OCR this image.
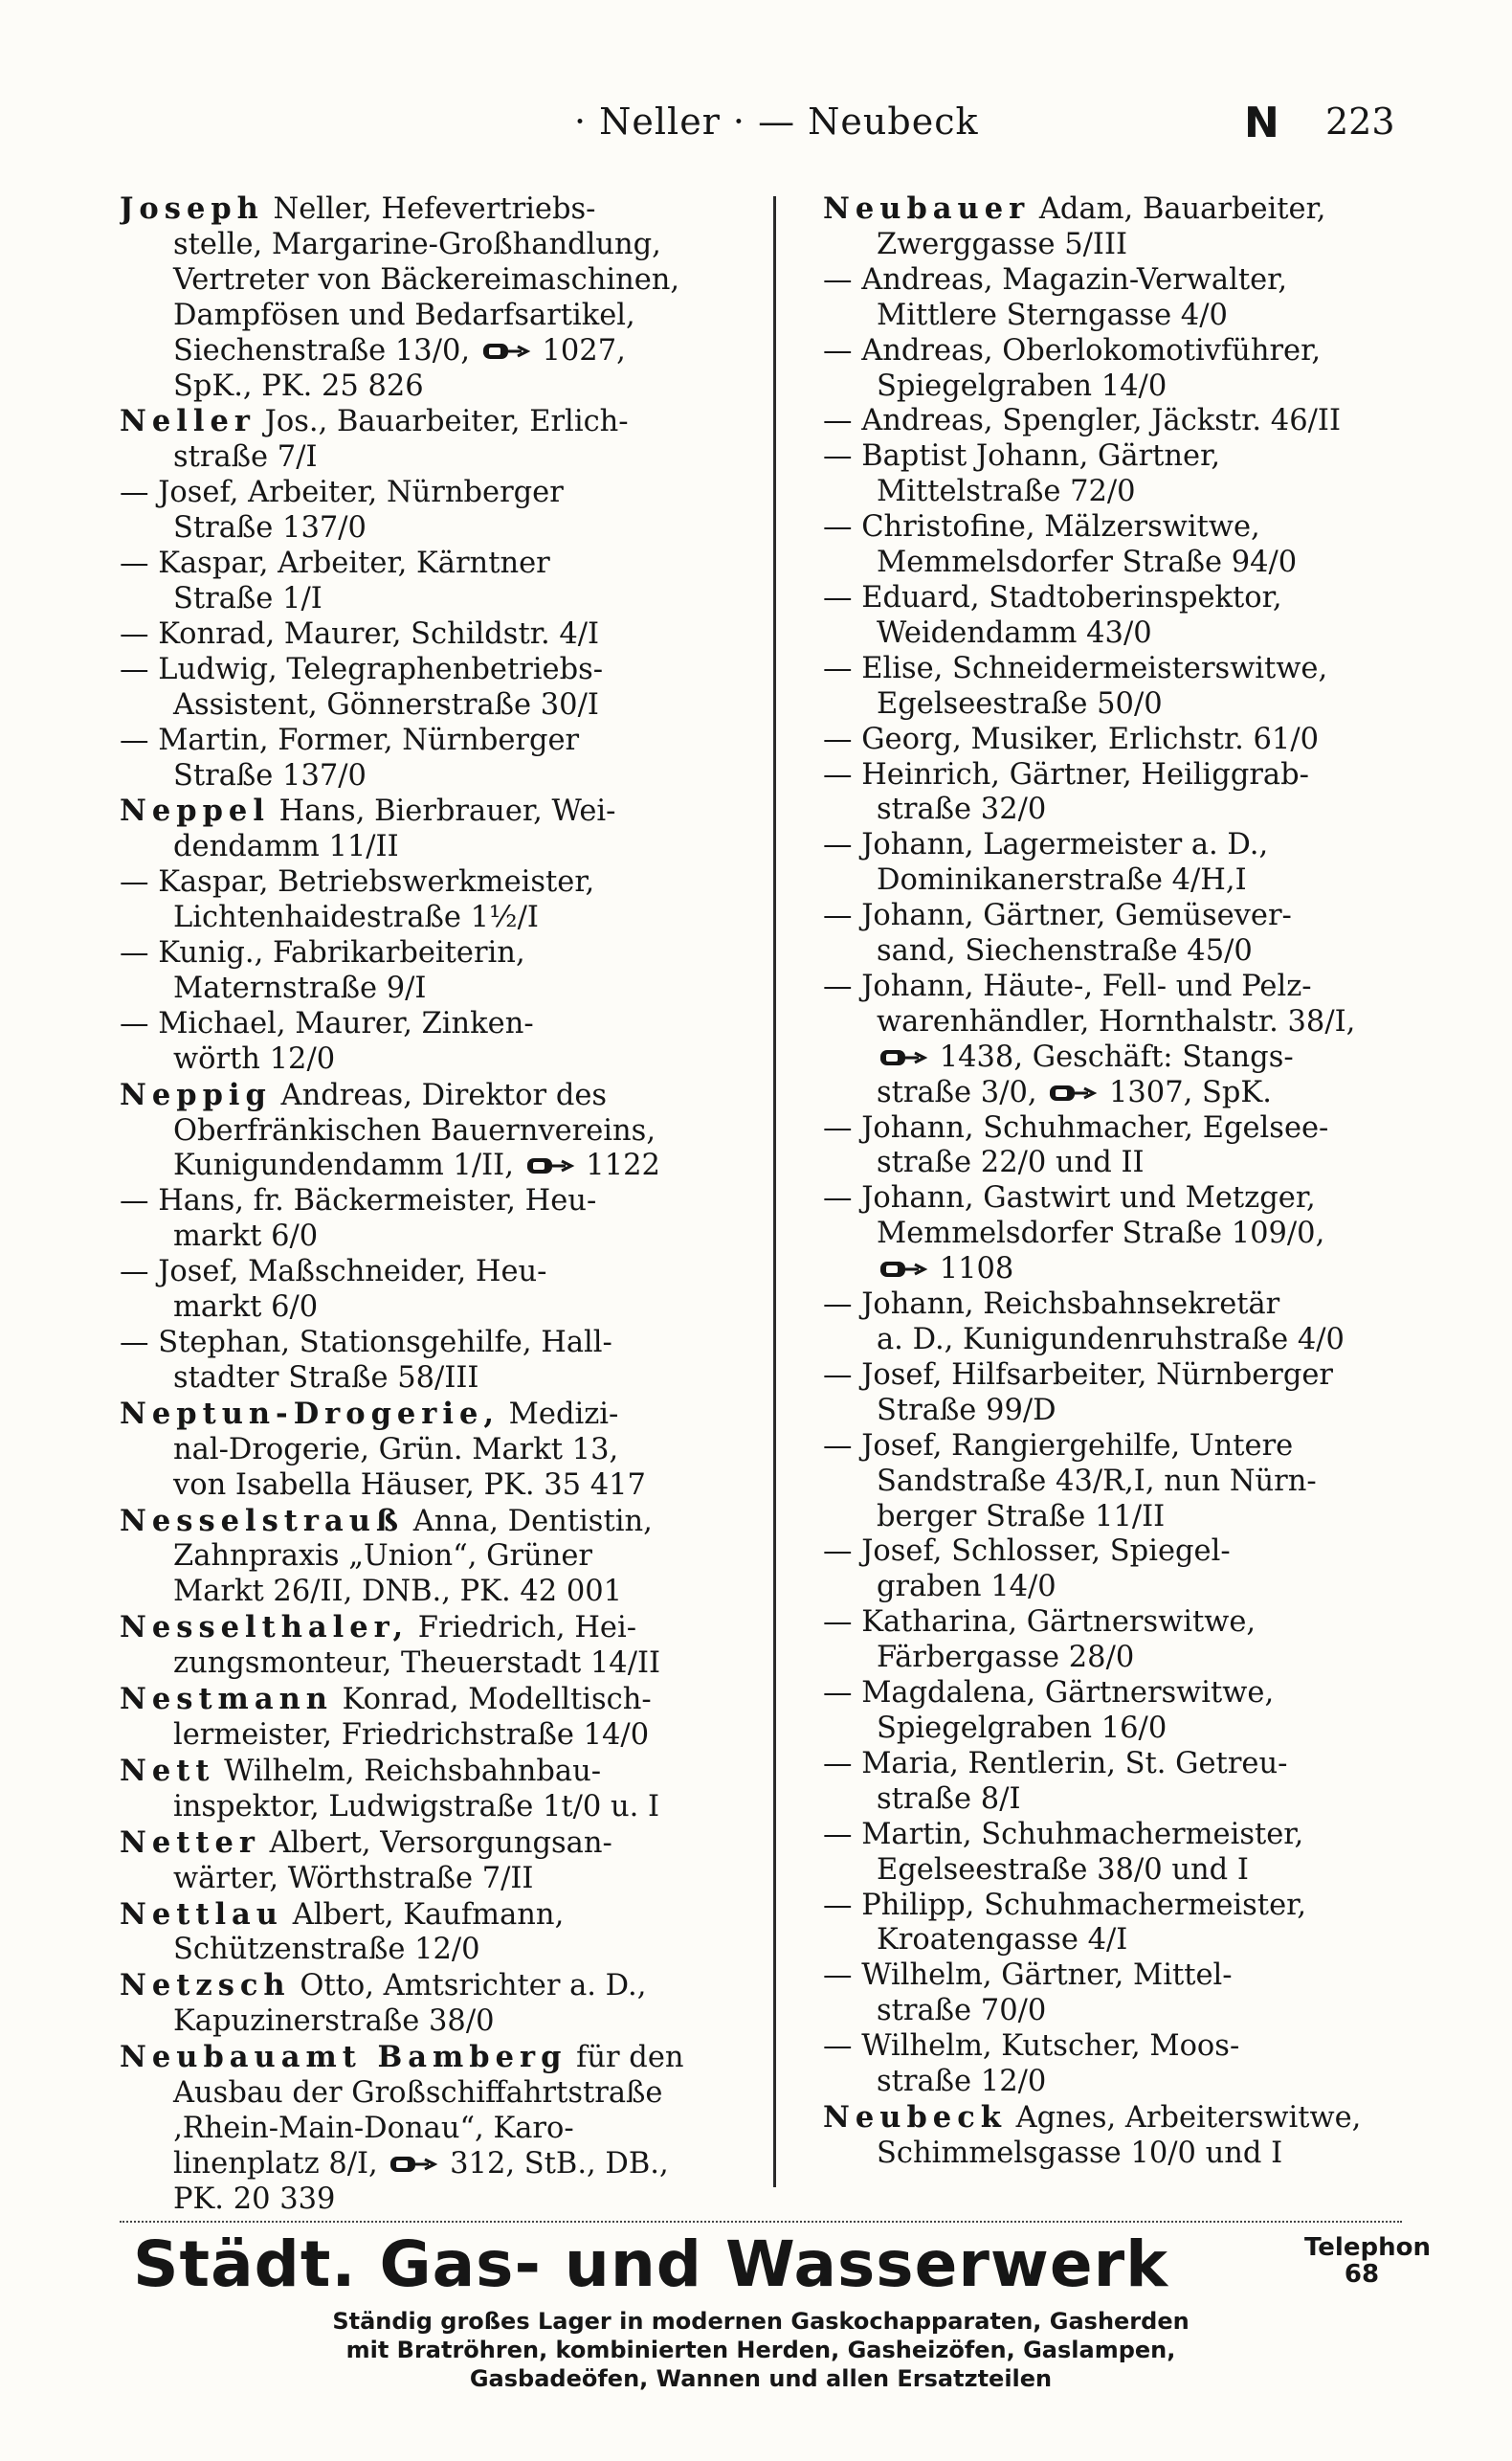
· Neller · — Neubeck	N 223
Joseph Neller, Hefevertriebs-
stelle, Margarine-Großhandlung,
Vertreter von Bäckereimaschinen,
Dampfösen und Bedarfsartikel,
Siechenstraße 13/0,  1027,
SpK., PK. 25 826
Neller Jos., Bauarbeiter, Erlich-
straße 7/I
— Josef, Arbeiter, Nürnberger
Straße 137/0
— Kaspar, Arbeiter, Kärntner
Straße 1/I
— Konrad, Maurer, Schildstr. 4/I
— Ludwig, Telegraphenbetriebs-
Assistent, Gönnerstraße 30/I
— Martin, Former, Nürnberger
Straße 137/0
Neppel Hans, Bierbrauer, Wei-
dendamm 11/II
— Kaspar, Betriebswerkmeister,
Lichtenhaidestraße 1½/I
— Kunig., Fabrikarbeiterin,
Maternstraße 9/I
— Michael, Maurer, Zinken-
wörth 12/0
Neppig Andreas, Direktor des
Oberfränkischen Bauernvereins,
Kunigundendamm 1/II,  1122
— Hans, fr. Bäckermeister, Heu-
markt 6/0
— Josef, Maßschneider, Heu-
markt 6/0
— Stephan, Stationsgehilfe, Hall-
stadter Straße 58/III
Neptun-Drogerie, Medizi-
nal-Drogerie, Grün. Markt 13,
von Isabella Häuser, PK. 35 417
Nesselstrauß Anna, Dentistin,
Zahnpraxis „Union“, Grüner
Markt 26/II, DNB., PK. 42 001
Nesselthaler, Friedrich, Hei-
zungsmonteur, Theuerstadt 14/II
Nestmann Konrad, Modelltisch-
lermeister, Friedrichstraße 14/0
Nett Wilhelm, Reichsbahnbau-
inspektor, Ludwigstraße 1t/0 u. I
Netter Albert, Versorgungsan-
wärter, Wörthstraße 7/II
Nettlau Albert, Kaufmann,
Schützenstraße 12/0
Netzsch Otto, Amtsrichter a. D.,
Kapuzinerstraße 38/0
Neubauamt Bamberg für den
Ausbau der Großschiffahrtstraße
‚Rhein-Main-Donau“, Karo-
linenplatz 8/I,  312, StB., DB.,
PK. 20 339
Neubauer Adam, Bauarbeiter,
Zwerggasse 5/III
— Andreas, Magazin-Verwalter,
Mittlere Sterngasse 4/0
— Andreas, Oberlokomotivführer,
Spiegelgraben 14/0
— Andreas, Spengler, Jäckstr. 46/II
— Baptist Johann, Gärtner,
Mittelstraße 72/0
— Christofine, Mälzerswitwe,
Memmelsdorfer Straße 94/0
— Eduard, Stadtoberinspektor,
Weidendamm 43/0
— Elise, Schneidermeisterswitwe,
Egelseestraße 50/0
— Georg, Musiker, Erlichstr. 61/0
— Heinrich, Gärtner, Heiliggrab-
straße 32/0
— Johann, Lagermeister a. D.,
Dominikanerstraße 4/H,I
— Johann, Gärtner, Gemüsever-
sand, Siechenstraße 45/0
— Johann, Häute-, Fell- und Pelz-
warenhändler, Hornthalstr. 38/I,
1438, Geschäft: Stangs-
straße 3/0,  1307, SpK.
— Johann, Schuhmacher, Egelsee-
straße 22/0 und II
— Johann, Gastwirt und Metzger,
Memmelsdorfer Straße 109/0,
1108
— Johann, Reichsbahnsekretär
a. D., Kunigundenruhstraße 4/0
— Josef, Hilfsarbeiter, Nürnberger
Straße 99/D
— Josef, Rangiergehilfe, Untere
Sandstraße 43/R,I, nun Nürn-
berger Straße 11/II
— Josef, Schlosser, Spiegel-
graben 14/0
— Katharina, Gärtnerswitwe,
Färbergasse 28/0
— Magdalena, Gärtnerswitwe,
Spiegelgraben 16/0
— Maria, Rentlerin, St. Getreu-
straße 8/I
— Martin, Schuhmachermeister,
Egelseestraße 38/0 und I
— Philipp, Schuhmachermeister,
Kroatengasse 4/I
— Wilhelm, Gärtner, Mittel-
straße 70/0
— Wilhelm, Kutscher, Moos-
straße 12/0
Neubeck Agnes, Arbeiterswitwe,
Schimmelsgasse 10/0 und I
Städt. Gas- und Wasserwerk	Telephon
68
Ständig großes Lager in modernen Gaskochapparaten, Gasherden
mit Bratröhren, kombinierten Herden, Gasheizöfen, Gaslampen,
Gasbadeöfen, Wannen und allen Ersatzteilen
